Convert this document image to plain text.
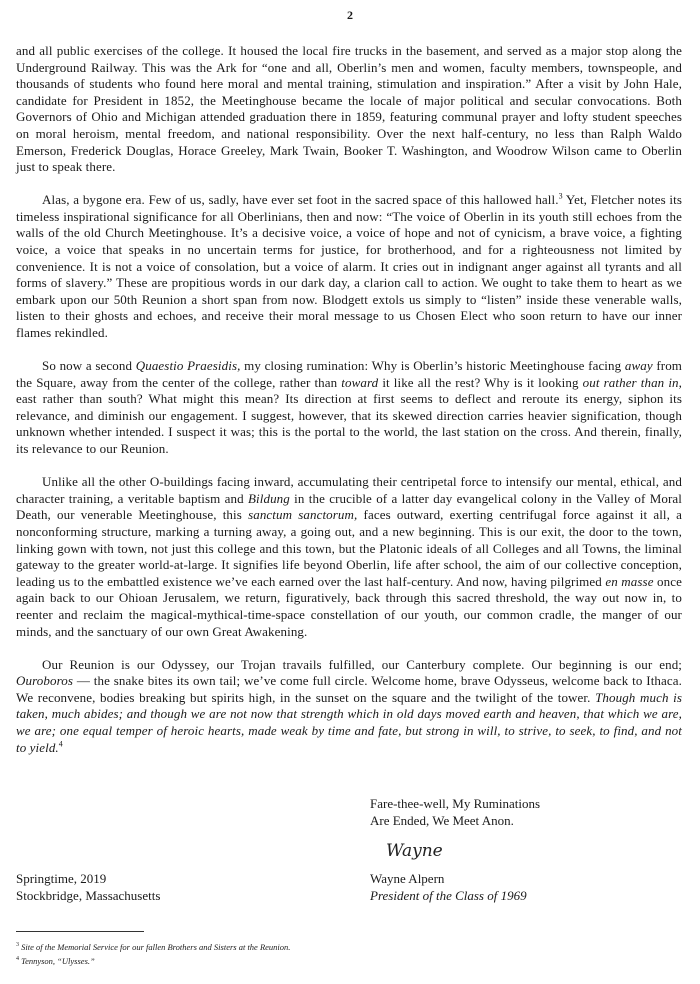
2

and all public exercises of the college. It housed the local fire trucks in the basement, and served as a major stop along the Underground Railway. This was the Ark for “one and all, Oberlin’s men and women, faculty members, townspeople, and thousands of students who found here moral and mental training, stimulation and inspiration.” After a visit by John Hale, candidate for President in 1852, the Meetinghouse became the locale of major political and secular convocations. Both Governors of Ohio and Michigan attended graduation there in 1859, featuring communal prayer and lofty student speeches on moral heroism, mental freedom, and national responsibility. Over the next half-century, no less than Ralph Waldo Emerson, Frederick Douglas, Horace Greeley, Mark Twain, Booker T. Washington, and Woodrow Wilson came to Oberlin just to speak there.

Alas, a bygone era. Few of us, sadly, have ever set foot in the sacred space of this hallowed hall.$^3$ Yet, Fletcher notes its timeless inspirational significance for all Oberlinians, then and now: “The voice of Oberlin in its youth still echoes from the walls of the old Church Meetinghouse. It’s a decisive voice, a voice of hope and not of cynicism, a brave voice, a fighting voice, a voice that speaks in no uncertain terms for justice, for brotherhood, and for a righteousness not limited by convenience. It is not a voice of consolation, but a voice of alarm. It cries out in indignant anger against all tyrants and all forms of slavery.” These are propitious words in our dark day, a clarion call to action. We ought to take them to heart as we embark upon our 50th Reunion a short span from now. Blodgett extols us simply to “listen” inside these venerable walls, listen to their ghosts and echoes, and receive their moral message to us Chosen Elect who soon return to have our inner flames rekindled.

So now a second Quaestio Praesidis, my closing rumination: Why is Oberlin’s historic Meetinghouse facing away from the Square, away from the center of the college, rather than toward it like all the rest? Why is it looking out rather than in, east rather than south? What might this mean? Its direction at first seems to deflect and reroute its energy, siphon its relevance, and diminish our engagement. I suggest, however, that its skewed direction carries heavier signification, though unknown whether intended. I suspect it was; this is the portal to the world, the last station on the cross. And therein, finally, its relevance to our Reunion.

Unlike all the other O-buildings facing inward, accumulating their centripetal force to intensify our mental, ethical, and character training, a veritable baptism and Bildung in the crucible of a latter day evangelical colony in the Valley of Moral Death, our venerable Meetinghouse, this sanctum sanctorum, faces outward, exerting centrifugal force against it all, a nonconforming structure, marking a turning away, a going out, and a new beginning. This is our exit, the door to the town, linking gown with town, not just this college and this town, but the Platonic ideals of all Colleges and all Towns, the liminal gateway to the greater world-at-large. It signifies life beyond Oberlin, life after school, the aim of our collective conception, leading us to the embattled existence we’ve each earned over the last half-century. And now, having pilgrimed en masse once again back to our Ohioan Jerusalem, we return, figuratively, back through this sacred threshold, the way out now in, to reenter and reclaim the magical-mythical-time-space constellation of our youth, our common cradle, the manger of our minds, and the sanctuary of our own Great Awakening.

Our Reunion is our Odyssey, our Trojan travails fulfilled, our Canterbury complete. Our beginning is our end; Ouroboros — the snake bites its own tail; we’ve come full circle. Welcome home, brave Odysseus, welcome back to Ithaca. We reconvene, bodies breaking but spirits high, in the sunset on the square and the twilight of the tower. Though much is taken, much abides; and though we are not now that strength which in old days moved earth and heaven, that which we are, we are; one equal temper of heroic hearts, made weak by time and fate, but strong in will, to strive, to seek, to find, and not to yield.$^4$

Fare-thee-well, My Ruminations
Are Ended, We Meet Anon.
Wayne
Springtime, 2019
Stockbridge, Massachusetts
Wayne Alpern
President of the Class of 1969
$^3$ Site of the Memorial Service for our fallen Brothers and Sisters at the Reunion.
$^4$ Tennyson, “Ulysses.”
